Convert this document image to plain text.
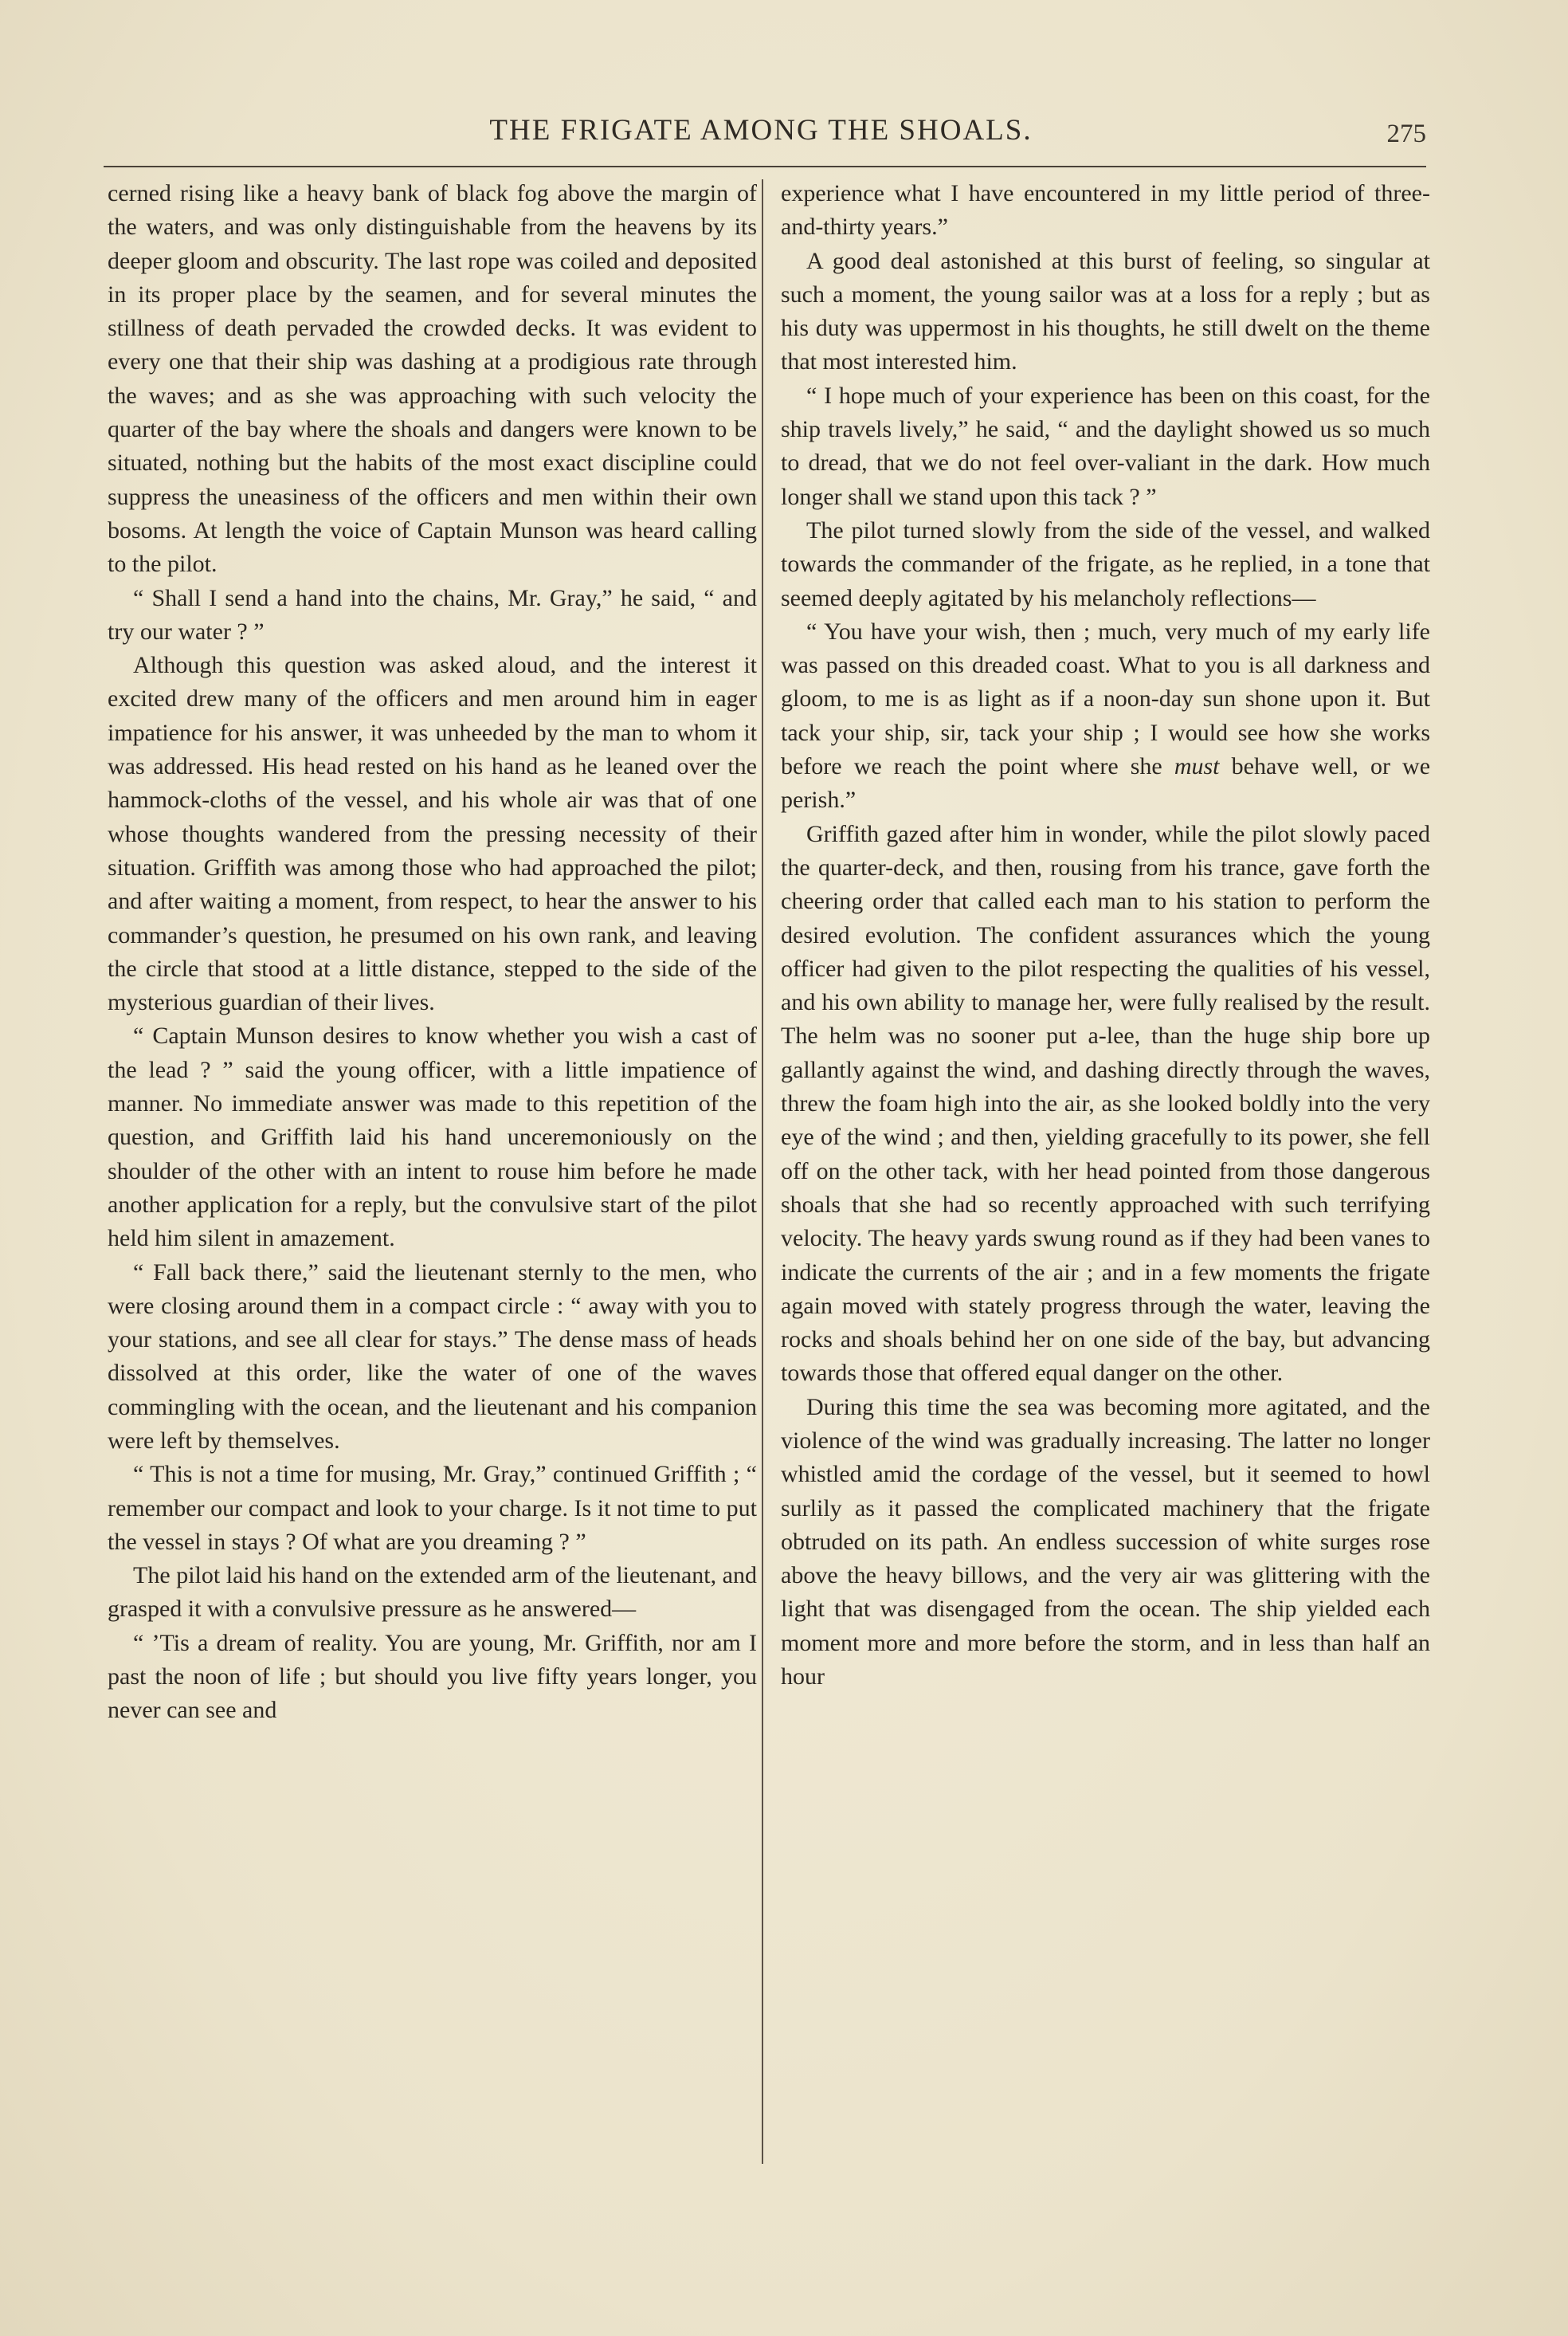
THE FRIGATE AMONG THE SHOALS.	275

cerned rising like a heavy bank of black fog above the margin of the waters, and was only distinguishable from the heavens by its deeper gloom and obscurity. The last rope was coiled and deposited in its proper place by the seamen, and for several minutes the stillness of death pervaded the crowded decks. It was evident to every one that their ship was dashing at a prodigious rate through the waves; and as she was approaching with such velocity the quarter of the bay where the shoals and dangers were known to be situated, nothing but the habits of the most exact discipline could suppress the uneasiness of the officers and men within their own bosoms. At length the voice of Captain Munson was heard calling to the pilot.

“ Shall I send a hand into the chains, Mr. Gray,” he said, “ and try our water ? ”

Although this question was asked aloud, and the interest it excited drew many of the officers and men around him in eager impatience for his answer, it was unheeded by the man to whom it was addressed. His head rested on his hand as he leaned over the hammock-cloths of the vessel, and his whole air was that of one whose thoughts wandered from the pressing necessity of their situation. Griffith was among those who had approached the pilot; and after waiting a moment, from respect, to hear the answer to his commander’s question, he presumed on his own rank, and leaving the circle that stood at a little distance, stepped to the side of the mysterious guardian of their lives.

“ Captain Munson desires to know whether you wish a cast of the lead ? ” said the young officer, with a little impatience of manner. No immediate answer was made to this repetition of the question, and Griffith laid his hand unceremoniously on the shoulder of the other with an intent to rouse him before he made another application for a reply, but the convulsive start of the pilot held him silent in amazement.

“ Fall back there,” said the lieutenant sternly to the men, who were closing around them in a compact circle : “ away with you to your stations, and see all clear for stays.” The dense mass of heads dissolved at this order, like the water of one of the waves commingling with the ocean, and the lieutenant and his companion were left by themselves.

“ This is not a time for musing, Mr. Gray,” continued Griffith ; “ remember our compact and look to your charge. Is it not time to put the vessel in stays ? Of what are you dreaming ? ”

The pilot laid his hand on the extended arm of the lieutenant, and grasped it with a convulsive pressure as he answered—

“ ’Tis a dream of reality. You are young, Mr. Griffith, nor am I past the noon of life ; but should you live fifty years longer, you never can see and

experience what I have encountered in my little period of three-and-thirty years.”

A good deal astonished at this burst of feeling, so singular at such a moment, the young sailor was at a loss for a reply ; but as his duty was uppermost in his thoughts, he still dwelt on the theme that most interested him.

“ I hope much of your experience has been on this coast, for the ship travels lively,” he said, “ and the daylight showed us so much to dread, that we do not feel over-valiant in the dark. How much longer shall we stand upon this tack ? ”

The pilot turned slowly from the side of the vessel, and walked towards the commander of the frigate, as he replied, in a tone that seemed deeply agitated by his melancholy reflections—

“ You have your wish, then ; much, very much of my early life was passed on this dreaded coast. What to you is all darkness and gloom, to me is as light as if a noon-day sun shone upon it. But tack your ship, sir, tack your ship ; I would see how she works before we reach the point where she must behave well, or we perish.”

Griffith gazed after him in wonder, while the pilot slowly paced the quarter-deck, and then, rousing from his trance, gave forth the cheering order that called each man to his station to perform the desired evolution. The confident assurances which the young officer had given to the pilot respecting the qualities of his vessel, and his own ability to manage her, were fully realised by the result. The helm was no sooner put a-lee, than the huge ship bore up gallantly against the wind, and dashing directly through the waves, threw the foam high into the air, as she looked boldly into the very eye of the wind ; and then, yielding gracefully to its power, she fell off on the other tack, with her head pointed from those dangerous shoals that she had so recently approached with such terrifying velocity. The heavy yards swung round as if they had been vanes to indicate the currents of the air ; and in a few moments the frigate again moved with stately progress through the water, leaving the rocks and shoals behind her on one side of the bay, but advancing towards those that offered equal danger on the other.

During this time the sea was becoming more agitated, and the violence of the wind was gradually increasing. The latter no longer whistled amid the cordage of the vessel, but it seemed to howl surlily as it passed the complicated machinery that the frigate obtruded on its path. An endless succession of white surges rose above the heavy billows, and the very air was glittering with the light that was disengaged from the ocean. The ship yielded each moment more and more before the storm, and in less than half an hour
